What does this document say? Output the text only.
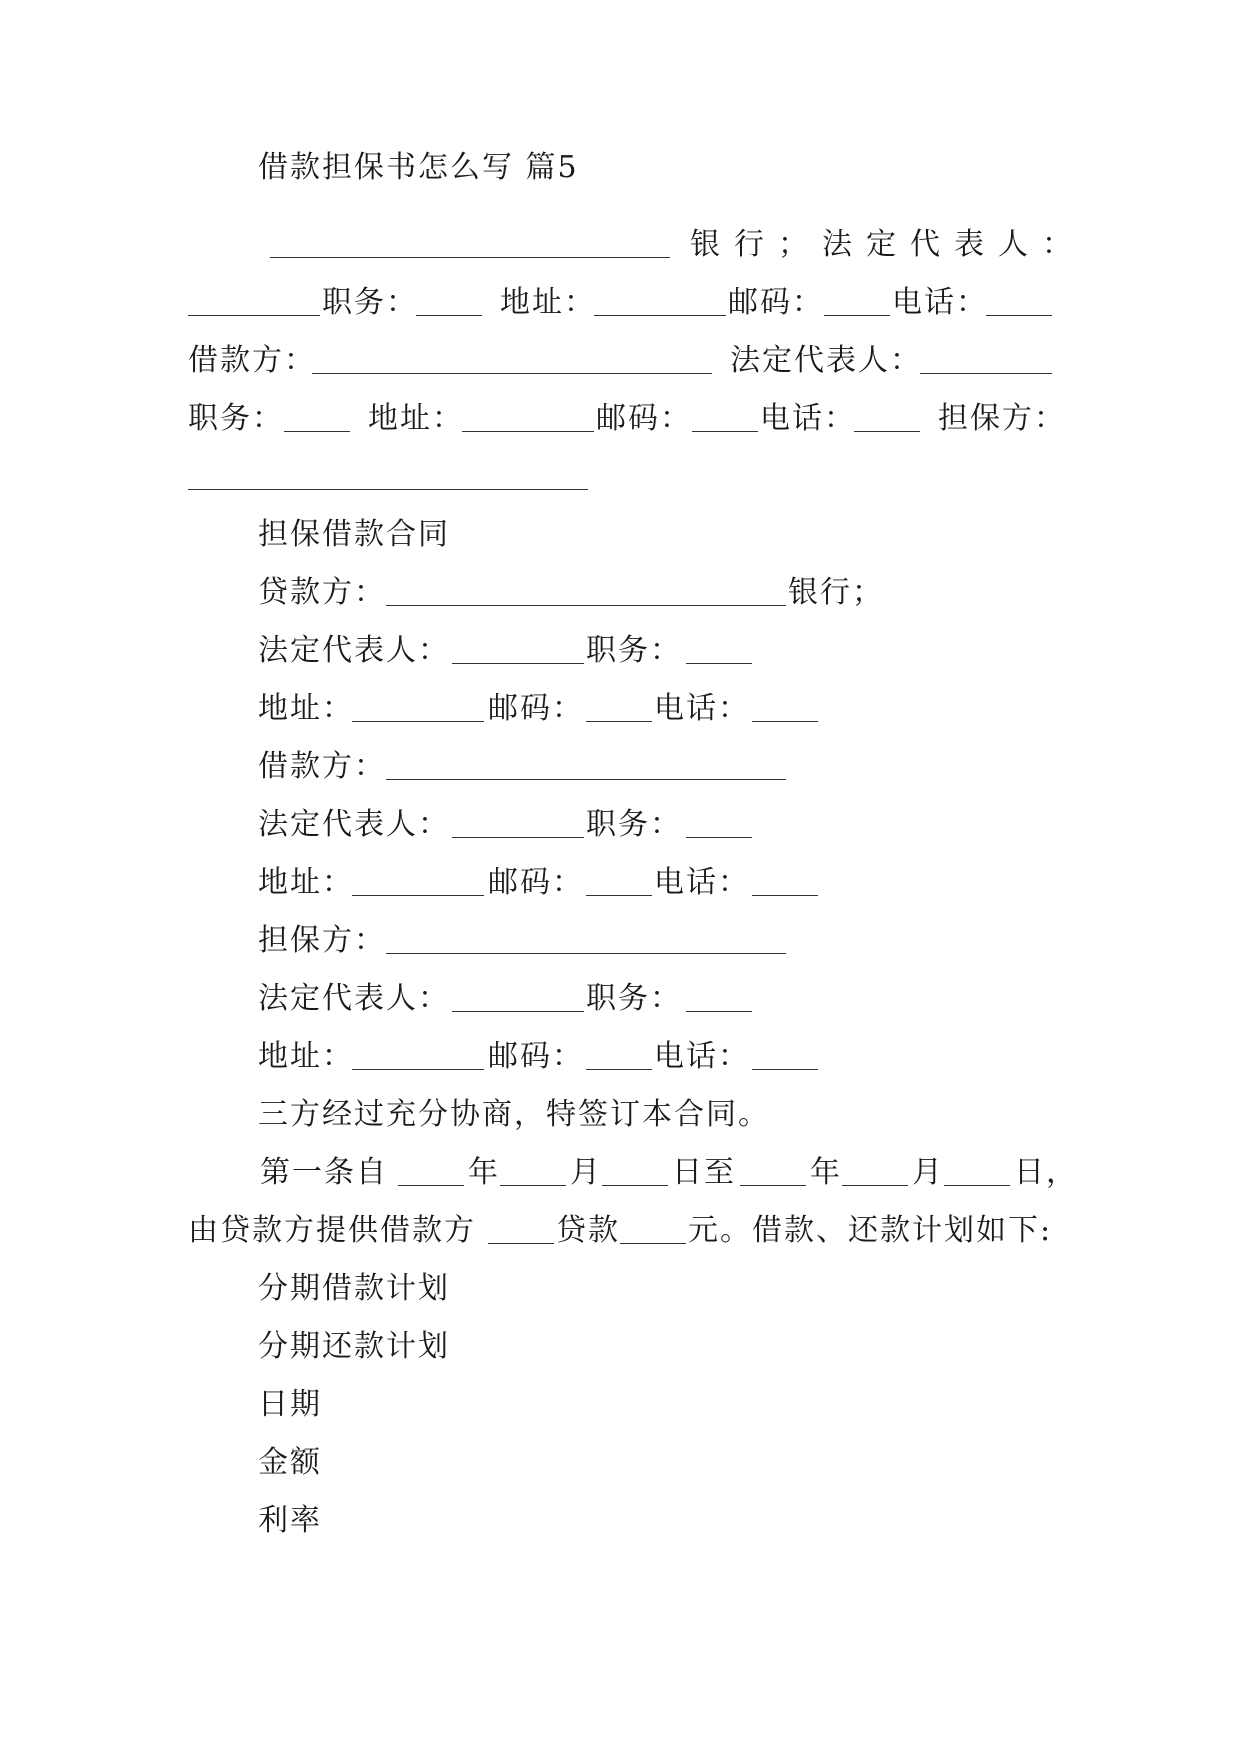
借款担保书怎么写 篇5
银行；法定代表人：
职务：	地址：	邮码： 电话：
借款方：	法定代表人：
职务：	地址：	邮码： 电话：	担保方：
担保借款合同
贷款方：	银行；
法定代表人：	职务：
地址：	邮码： 电话：
借款方：
法定代表人：	职务：
地址：	邮码： 电话：
担保方：
法定代表人：	职务：
地址：	邮码： 电话：
三方经过充分协商，特签订本合同。
第一条自	年 月 日至 年 月 日，
由贷款方提供借款方	贷款 元。借款、还款计划如下:
分期借款计划
分期还款计划
日期
金额
利率
